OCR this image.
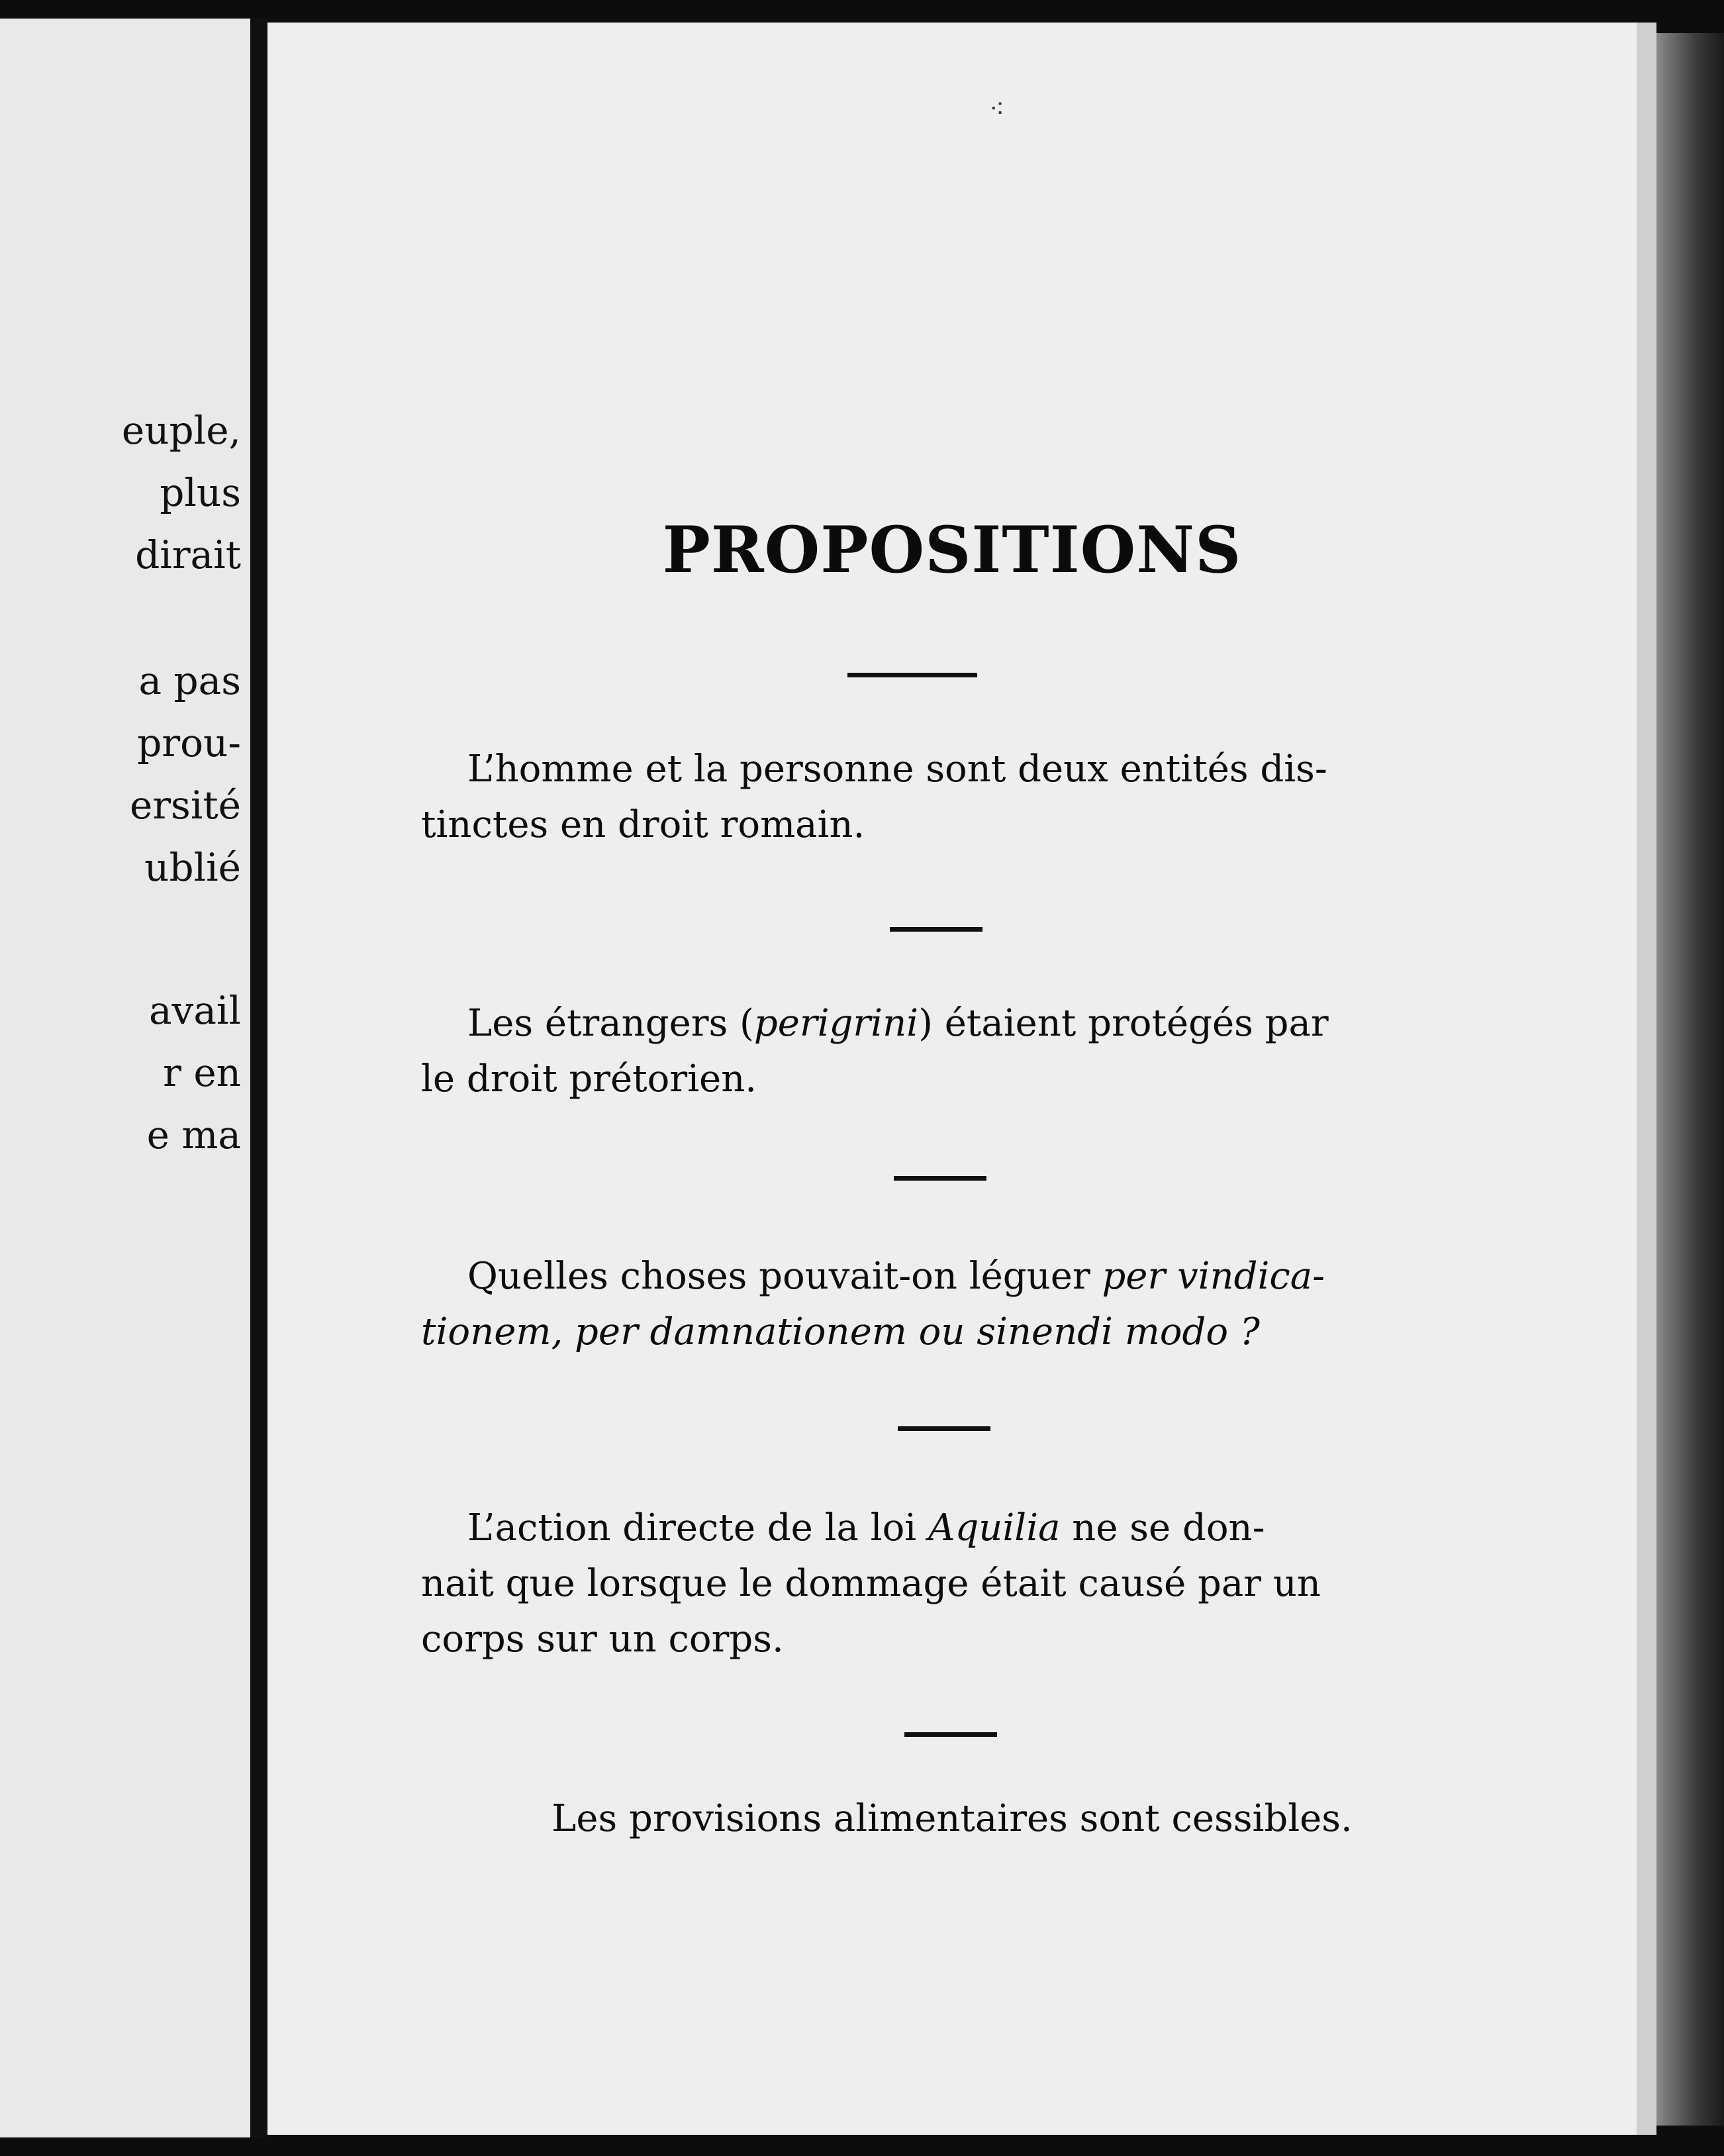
euple,
plus
dirait
a pas
prou-
ersité
ublié
avail
r en
e ma
⁖
PROPOSITIONS
L’homme et la personne sont deux entités dis-
tinctes en droit romain.
Les étrangers (perigrini) étaient protégés par
le droit prétorien.
Quelles choses pouvait-on léguer per vindica-
tionem, per damnationem ou sinendi modo ?
L’action directe de la loi Aquilia ne se don-
nait que lorsque le dommage était causé par un
corps sur un corps.
Les provisions alimentaires sont cessibles.
